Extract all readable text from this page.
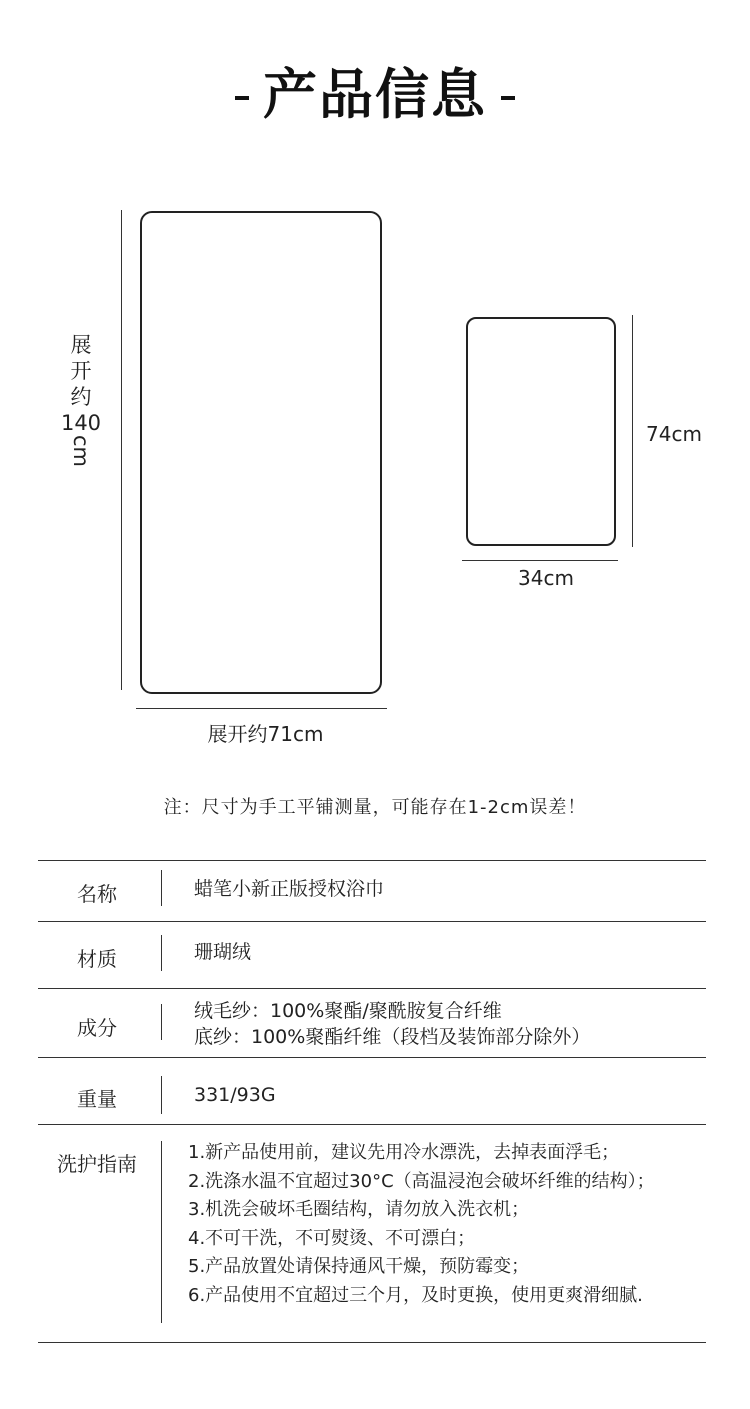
产品信息
展
开
约
140
cm
展开约71cm
74cm
34cm
注：尺寸为手工平铺测量，可能存在1-2cm误差！
名称	蜡笔小新正版授权浴巾
材质	珊瑚绒
成分
绒毛纱：100%聚酯/聚酰胺复合纤维
底纱：100%聚酯纤维（段档及装饰部分除外）
重量	331/93G
洗护指南	1.新产品使用前，建议先用冷水漂洗，去掉表面浮毛；
2.洗涤水温不宜超过30°C（高温浸泡会破坏纤维的结构）；
3.机洗会破坏毛圈结构，请勿放入洗衣机；
4.不可干洗，不可熨烫、不可漂白；
5.产品放置处请保持通风干燥，预防霉变；
6.产品使用不宜超过三个月，及时更换，使用更爽滑细腻.
